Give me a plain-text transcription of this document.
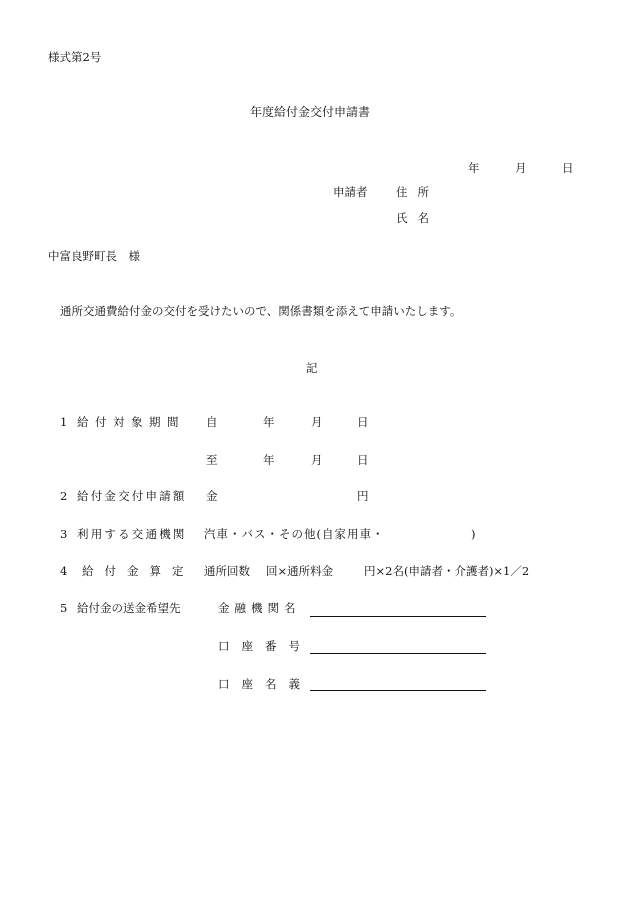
様式第2号
年度給付金交付申請書
年	月	日
申請者 住所
氏名
中富良野町長　様
通所交通費給付金の交付を受けたいので、関係書類を添えて申請いたします。
記
1 給付対象期間 自	年	月	日
至	年	月	日
2 給付金交付申請額 金	円
3 利用する交通機関 汽車・バス・その他(自家用車・	)
4 給付金算定 通所回数 回×通所料金	円×2名(申請者・介護者)×1／2
5 給付金の送金希望先	金融機関名
口座番号
口座名義
